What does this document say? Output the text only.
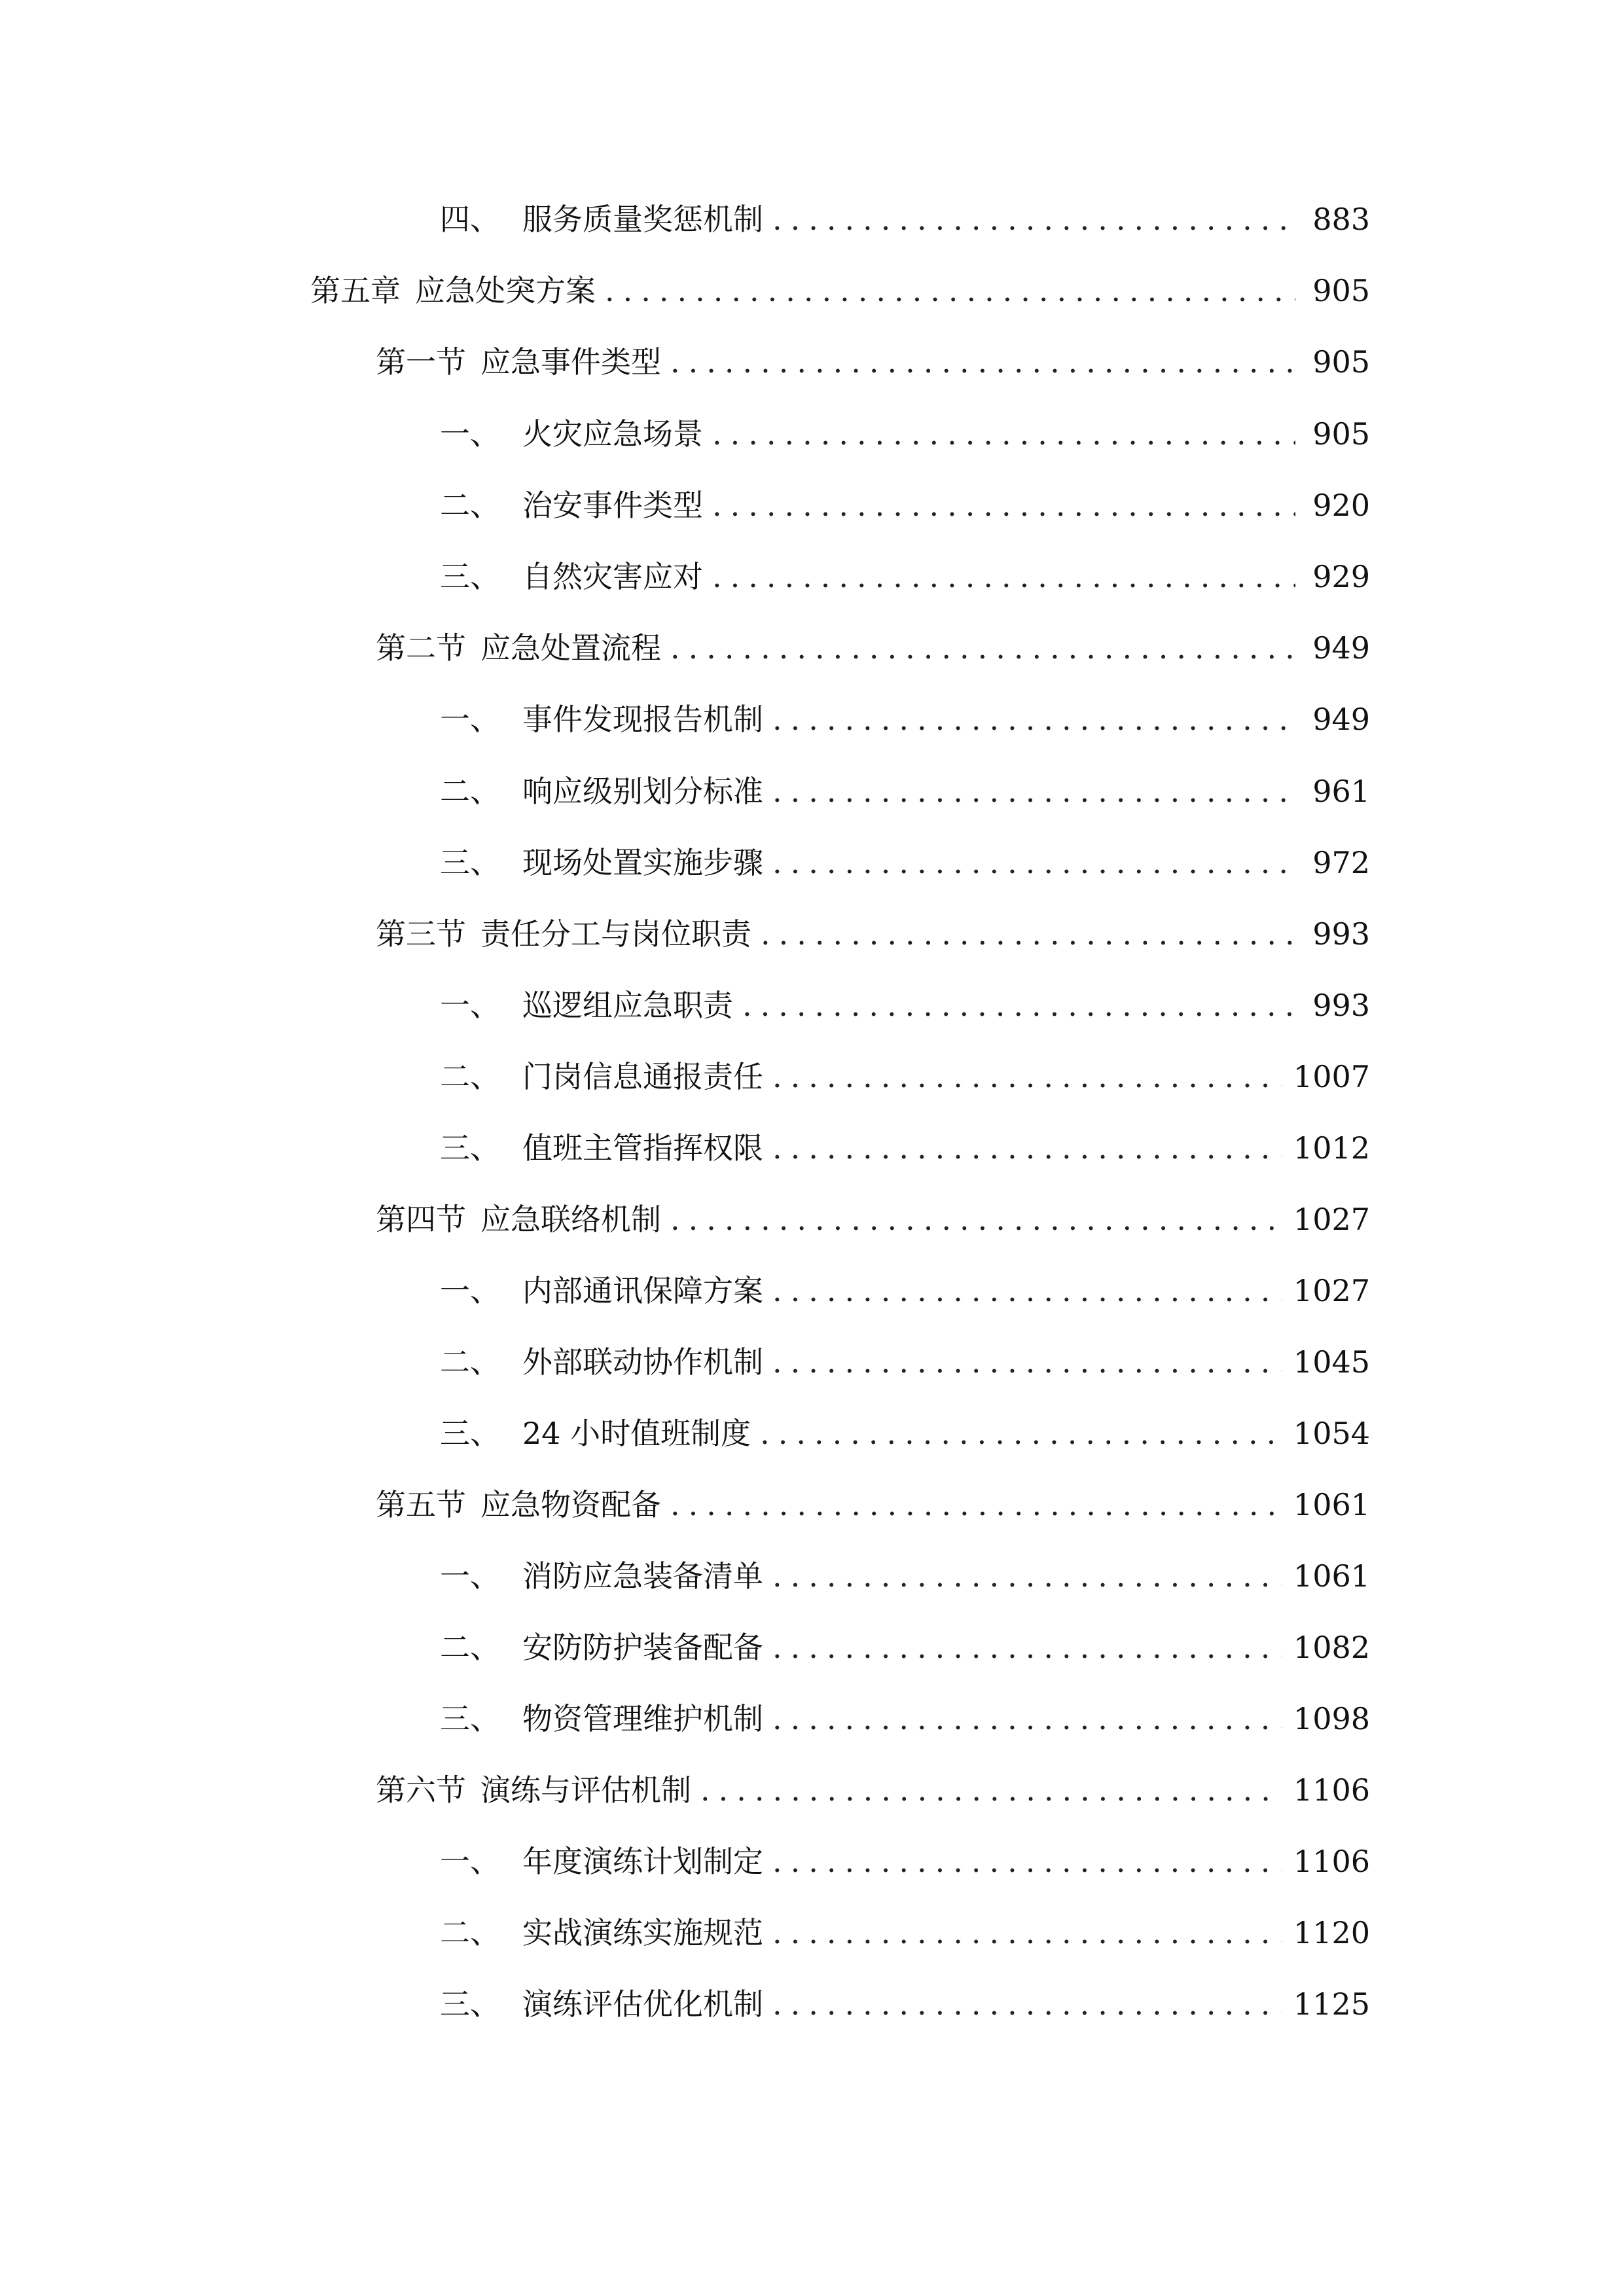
四、 服务质量奖惩机制 .....	883
第五章 应急处突方案 .....	905
第一节 应急事件类型 .....	905
一、 火灾应急场景 .....	905
二、 治安事件类型 .....	920
三、 自然灾害应对 .....	929
第二节 应急处置流程 .....	949
一、 事件发现报告机制 .....	949
二、 响应级别划分标准 .....	961
三、 现场处置实施步骤 .....	972
第三节 责任分工与岗位职责 .....	993
一、 巡逻组应急职责 .....	993
二、 门岗信息通报责任 .....	1007
三、 值班主管指挥权限 .....	1012
第四节 应急联络机制 .....	1027
一、 内部通讯保障方案 .....	1027
二、 外部联动协作机制 .....	1045
三、 24 小时值班制度 .....	1054
第五节 应急物资配备 .....	1061
一、 消防应急装备清单 .....	1061
二、 安防防护装备配备 .....	1082
三、 物资管理维护机制 .....	1098
第六节 演练与评估机制 .....	1106
一、 年度演练计划制定 .....	1106
二、 实战演练实施规范 .....	1120
三、 演练评估优化机制 .....	1125
